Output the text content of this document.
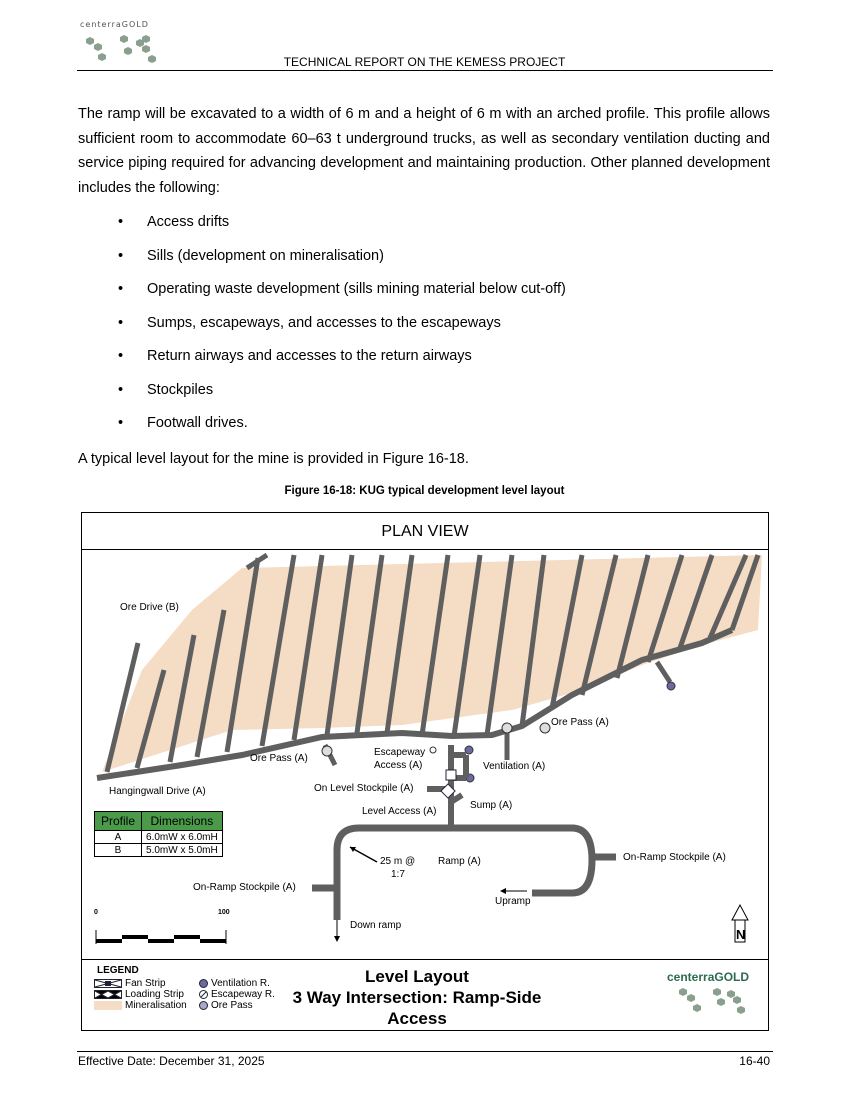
centerraGOLD
TECHNICAL REPORT ON THE KEMESS PROJECT
The ramp will be excavated to a width of 6 m and a height of 6 m with an arched profile. This profile allows sufficient room to accommodate 60–63 t underground trucks, as well as secondary ventilation ducting and service piping required for advancing development and maintaining production. Other planned development includes the following:
• Access drifts
• Sills (development on mineralisation)
• Operating waste development (sills mining material below cut-off)
• Sumps, escapeways, and accesses to the escapeways
• Return airways and accesses to the return airways
• Stockpiles
• Footwall drives.
A typical level layout for the mine is provided in Figure 16-18.
Figure 16-18: KUG typical development level layout
PLAN VIEW
Ore Drive (B)
Hangingwall Drive (A)
Ore Pass (A)
Ore Pass (A)
Escapeway
Access (A)	Ventilation (A)
On Level Stockpile (A)
Sump (A)
Level Access (A)
25 m @
1:7
Ramp (A)	On-Ramp Stockpile (A)
On-Ramp Stockpile (A)
Upramp
Down ramp
0	100
N
Profile	Dimensions
A	6.0mW x 6.0mH
B	5.0mW x 5.0mH
LEGEND
Fan Strip
Loading Strip
Mineralisation
Ventilation R.
Escapeway R.
Ore Pass
Level Layout
3 Way Intersection: Ramp-Side
Access
centerraGOLD
Effective Date: December 31, 2025	16-40
